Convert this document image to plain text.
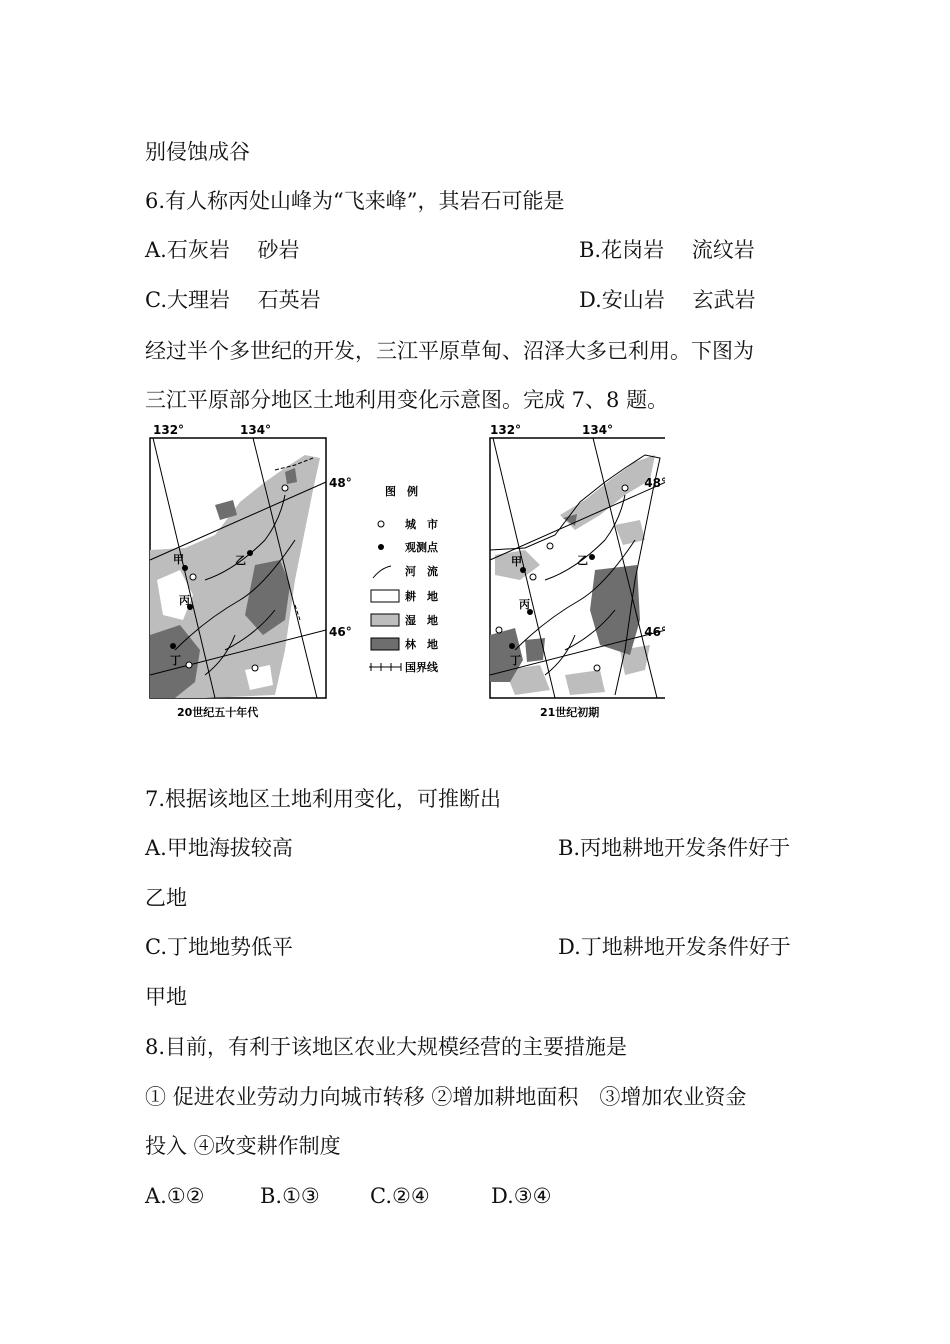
别侵蚀成谷
6.有人称丙处山峰为“飞来峰”，其岩石可能是
A.石灰岩　 砂岩	B.花岗岩　 流纹岩
C.大理岩　 石英岩	D.安山岩　 玄武岩
经过半个多世纪的开发，三江平原草甸、沼泽大多已利用。下图为
三江平原部分地区土地利用变化示意图。完成 7、8 题。
132°	134°
48°
46°
甲	乙
丙
丁
20世纪五十年代
图　例
城　市
观测点
河　流
耕　地
湿　地
林　地
国界线
132°	134°
48°
46°
甲	乙
丙
丁
21世纪初期
7.根据该地区土地利用变化，可推断出
A.甲地海拔较高	B.丙地耕地开发条件好于
乙地
C.丁地地势低平	D.丁地耕地开发条件好于
甲地
8.目前，有利于该地区农业大规模经营的主要措施是
① 促进农业劳动力向城市转移 ②增加耕地面积　③增加农业资金
投入 ④改变耕作制度
A.①②	B.①③ C.②④	D.③④
